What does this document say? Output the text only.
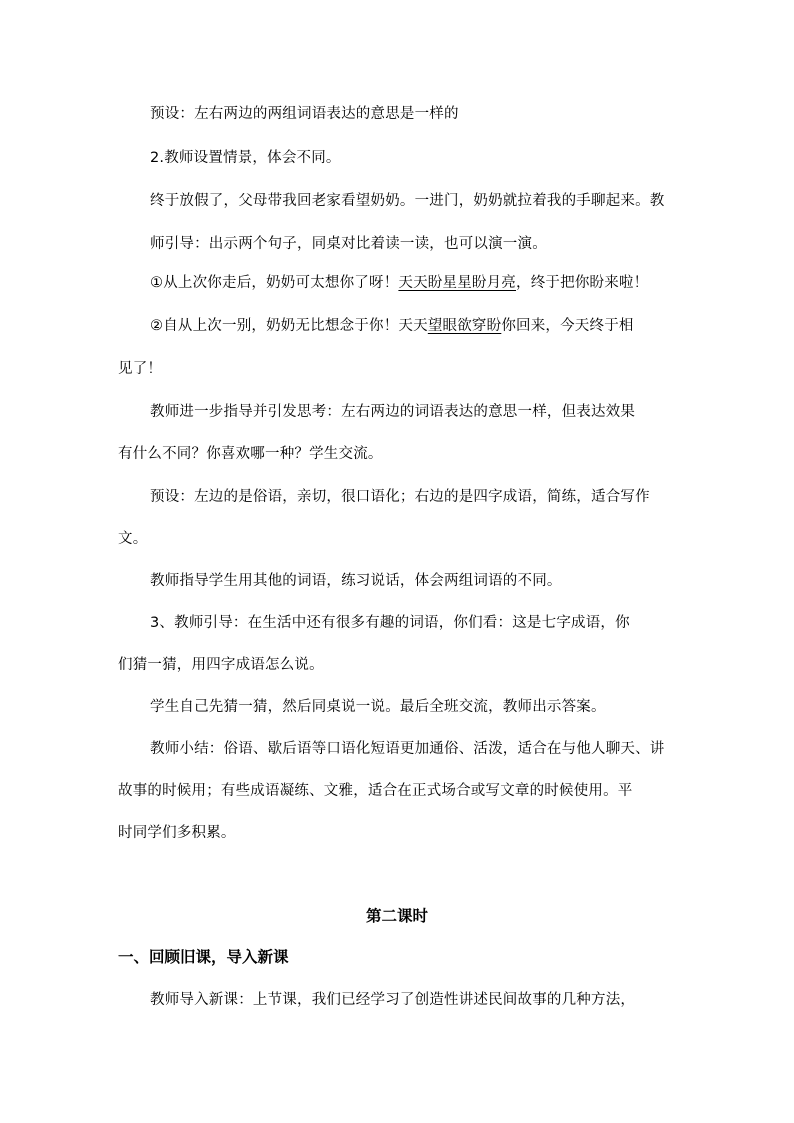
预设：左右两边的两组词语表达的意思是一样的
2.教师设置情景，体会不同。
终于放假了，父母带我回老家看望奶奶。一进门，奶奶就拉着我的手聊起来。教
师引导：出示两个句子，同桌对比着读一读，也可以演一演。
①从上次你走后，奶奶可太想你了呀！天天盼星星盼月亮，终于把你盼来啦！
②自从上次一别，奶奶无比想念于你！天天望眼欲穿盼你回来，今天终于相
见了！
教师进一步指导并引发思考：左右两边的词语表达的意思一样，但表达效果
有什么不同？你喜欢哪一种？学生交流。
预设：左边的是俗语，亲切，很口语化；右边的是四字成语，简练，适合写作
文。
教师指导学生用其他的词语，练习说话，体会两组词语的不同。
3、教师引导：在生活中还有很多有趣的词语，你们看：这是七字成语，你
们猜一猜，用四字成语怎么说。
学生自己先猜一猜，然后同桌说一说。最后全班交流，教师出示答案。
教师小结：俗语、歇后语等口语化短语更加通俗、活泼，适合在与他人聊天、讲
故事的时候用；有些成语凝练、文雅，适合在正式场合或写文章的时候使用。平
时同学们多积累。
第二课时
一、回顾旧课，导入新课
教师导入新课：上节课，我们已经学习了创造性讲述民间故事的几种方法，
